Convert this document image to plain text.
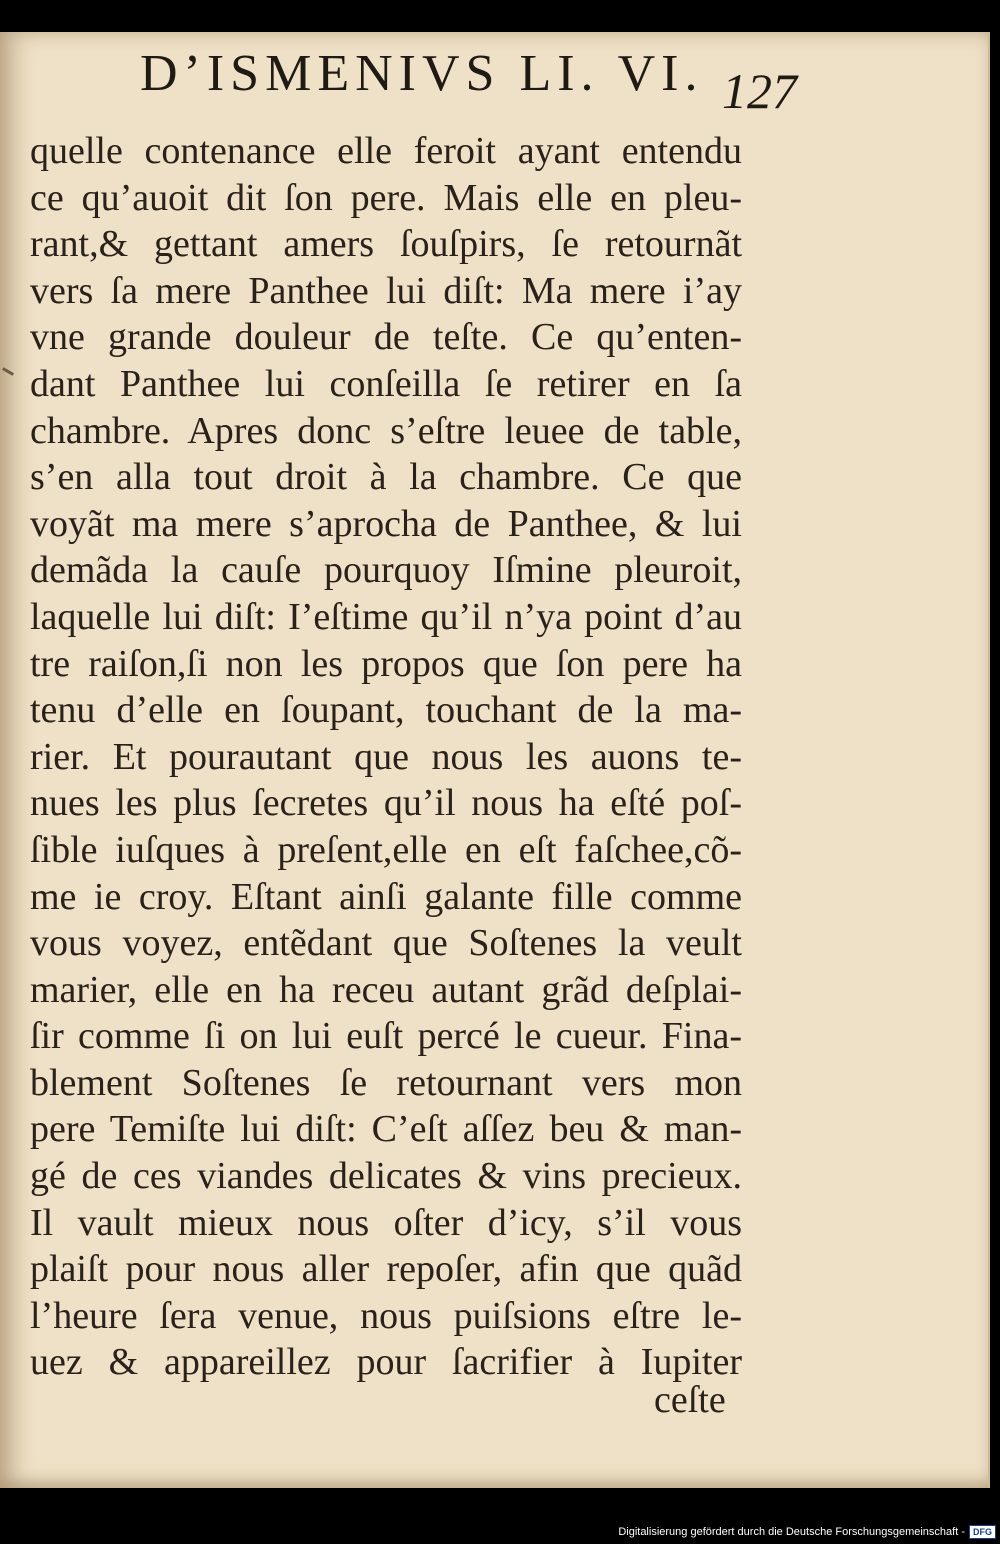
D’ISMENIVS LI. VI. 127
quelle contenance elle feroit ayant entendu
ce qu’auoit dit ſon pere. Mais elle en pleu-
rant,& gettant amers ſouſpirs, ſe retournãt
vers ſa mere Panthee lui diſt: Ma mere i’ay
vne grande douleur de teſte. Ce qu’enten-
dant Panthee lui conſeilla ſe retirer en ſa
chambre. Apres donc s’eſtre leuee de table,
s’en alla tout droit à la chambre. Ce que
voyãt ma mere s’aprocha de Panthee, & lui
demãda la cauſe pourquoy Iſmine pleuroit,
laquelle lui diſt: I’eſtime qu’il n’ya point d’au
tre raiſon,ſi non les propos que ſon pere ha
tenu d’elle en ſoupant, touchant de la ma-
rier. Et pourautant que nous les auons te-
nues les plus ſecretes qu’il nous ha eſté poſ-
ſible iuſques à preſent,elle en eſt faſchee,cõ-
me ie croy. Eſtant ainſi galante fille comme
vous voyez, entẽdant que Soſtenes la veult
marier, elle en ha receu autant grãd deſplai-
ſir comme ſi on lui euſt percé le cueur. Fina-
blement Soſtenes ſe retournant vers mon
pere Temiſte lui diſt: C’eſt aſſez beu & man-
gé de ces viandes delicates & vins precieux.
Il vault mieux nous oſter d’icy, s’il vous
plaiſt pour nous aller repoſer, afin que quãd
l’heure ſera venue, nous puiſsions eſtre le-
uez & appareillez pour ſacrifier à Iupiter
ceſte
Digitalisierung gefördert durch die Deutsche Forschungsgemeinschaft - DFG
